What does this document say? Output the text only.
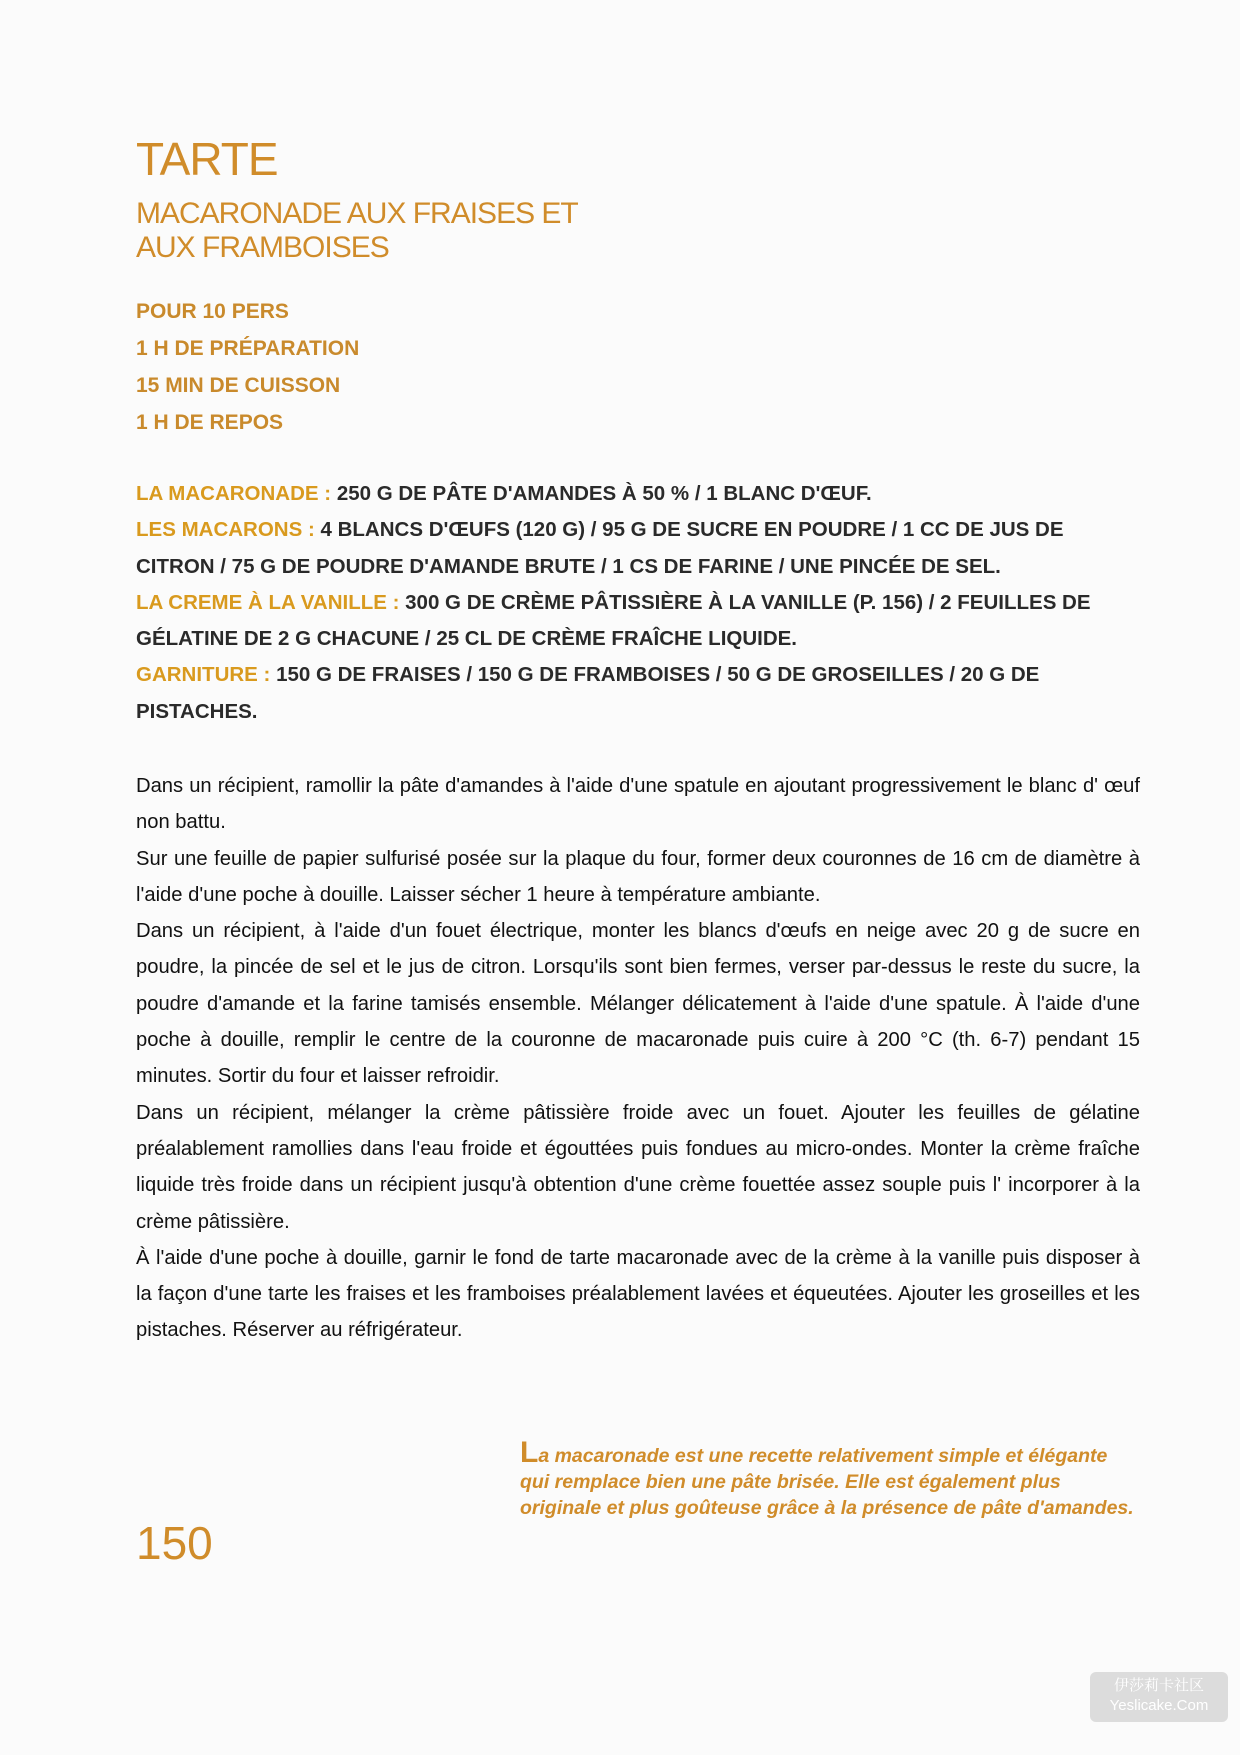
TARTE
MACARONADE AUX FRAISES ET AUX FRAMBOISES
POUR 10 PERS
1 H DE PRÉPARATION
15 MIN DE CUISSON
1 H DE REPOS

LA MACARONADE : 250 G DE PÂTE D'AMANDES À 50 % / 1 BLANC D'ŒUF.

LES MACARONS : 4 BLANCS D'ŒUFS (120 G) / 95 G DE SUCRE EN POUDRE / 1 CC DE JUS DE CITRON / 75 G DE POUDRE D'AMANDE BRUTE / 1 CS DE FARINE / UNE PINCÉE DE SEL.

LA CREME À LA VANILLE : 300 G DE CRÈME PÂTISSIÈRE À LA VANILLE (P. 156) / 2 FEUILLES DE GÉLATINE DE 2 G CHACUNE / 25 CL DE CRÈME FRAÎCHE LIQUIDE.

GARNITURE : 150 G DE FRAISES / 150 G DE FRAMBOISES / 50 G DE GROSEILLES / 20 G DE PISTACHES.

Dans un récipient, ramollir la pâte d'amandes à l'aide d'une spatule en ajoutant progressivement le blanc d' œuf non battu.

Sur une feuille de papier sulfurisé posée sur la plaque du four, former deux couronnes de 16 cm de diamètre à l'aide d'une poche à douille. Laisser sécher 1 heure à température ambiante.

Dans un récipient, à l'aide d'un fouet électrique, monter les blancs d'œufs en neige avec 20 g de sucre en poudre, la pincée de sel et le jus de citron. Lorsqu'ils sont bien fermes, verser par-dessus le reste du sucre, la poudre d'amande et la farine tamisés ensemble. Mélanger délicatement à l'aide d'une spatule. À l'aide d'une poche à douille, remplir le centre de la couronne de macaronade puis cuire à 200 °C (th. 6-7) pendant 15 minutes. Sortir du four et laisser refroidir.

Dans un récipient, mélanger la crème pâtissière froide avec un fouet. Ajouter les feuilles de gélatine préalablement ramollies dans l'eau froide et égouttées puis fondues au micro-ondes. Monter la crème fraîche liquide très froide dans un récipient jusqu'à obtention d'une crème fouettée assez souple puis l' incorporer à la crème pâtissière.

À l'aide d'une poche à douille, garnir le fond de tarte macaronade avec de la crème à la vanille puis disposer à la façon d'une tarte les fraises et les framboises préalablement lavées et équeutées. Ajouter les groseilles et les pistaches. Réserver au réfrigérateur.

La macaronade est une recette relativement simple et élégante qui remplace bien une pâte brisée. Elle est également plus originale et plus goûteuse grâce à la présence de pâte d'amandes.
150
伊莎莉卡社区
Yeslicake.Com
